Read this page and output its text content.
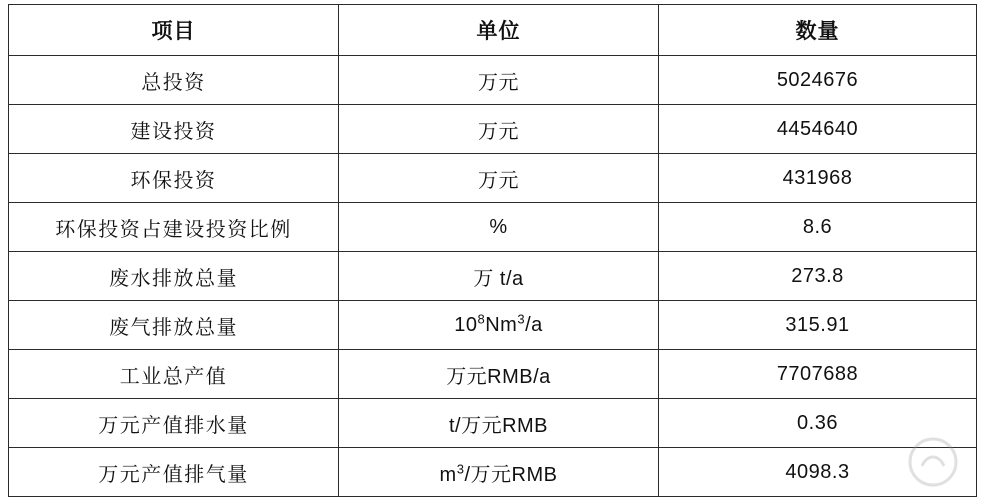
项目	单位	数量
总投资	万元	5024676
建设投资	万元	4454640
环保投资	万元	431968
环保投资占建设投资比例	%	8.6
废水排放总量	万 t/a	273.8
废气排放总量	$10^8Nm^3/a$	315.91
工业总产值	万元RMB/a	7707688
万元产值排水量	t/万元RMB	0.36
万元产值排气量	$m^3/$万元RMB	4098.3
